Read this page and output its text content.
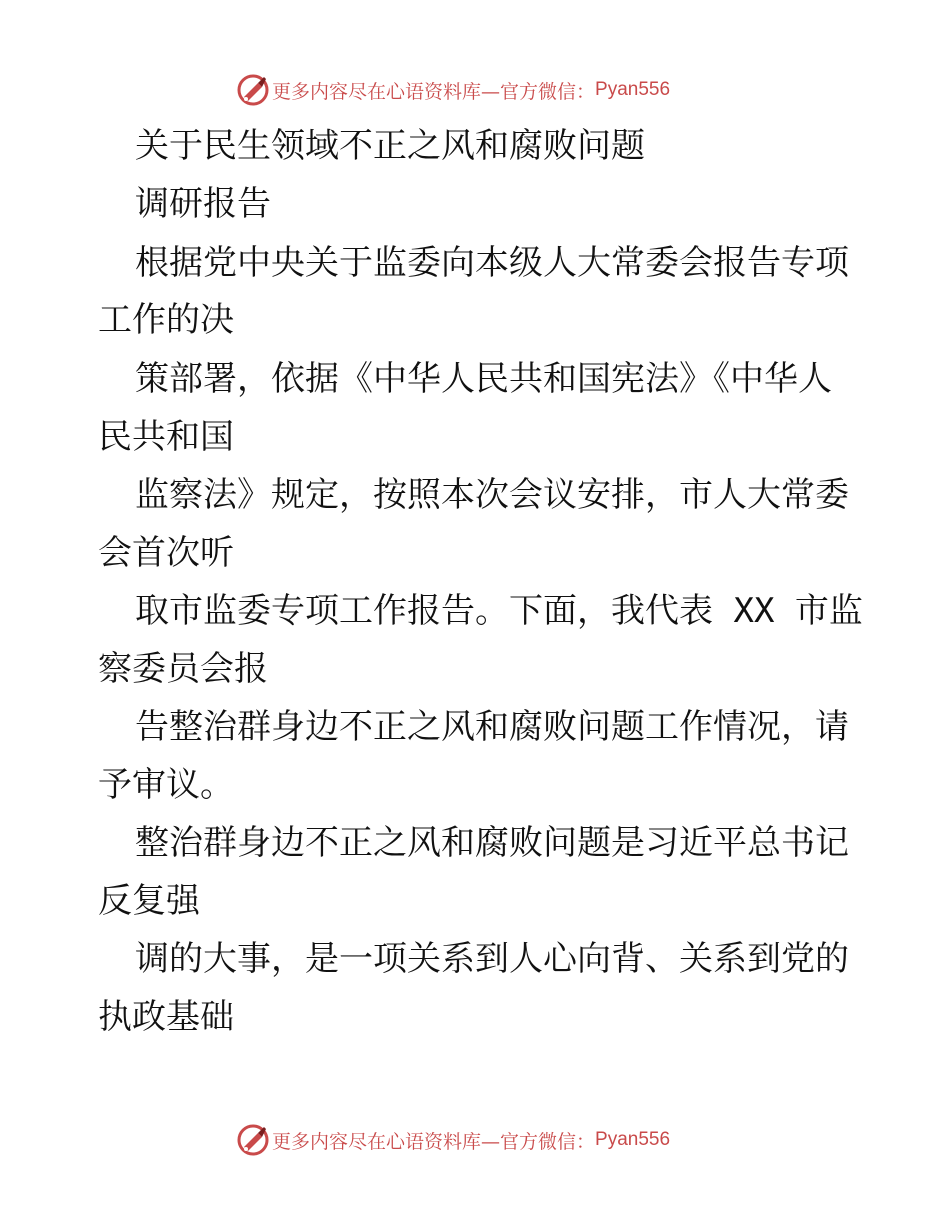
更多内容尽在心语资料库—官方微信： Pyan556
关于民生领域不正之风和腐败问题
调研报告
根据党中央关于监委向本级人大常委会报告专项
工作的决
策部署，依据《中华人民共和国宪法》《中华人
民共和国
监察法》规定，按照本次会议安排，市人大常委
会首次听
取市监委专项工作报告。下面，我代表 XX 市监
察委员会报
告整治群身边不正之风和腐败问题工作情况，请
予审议。
整治群身边不正之风和腐败问题是习近平总书记
反复强
调的大事，是一项关系到人心向背、关系到党的
执政基础
更多内容尽在心语资料库—官方微信： Pyan556
